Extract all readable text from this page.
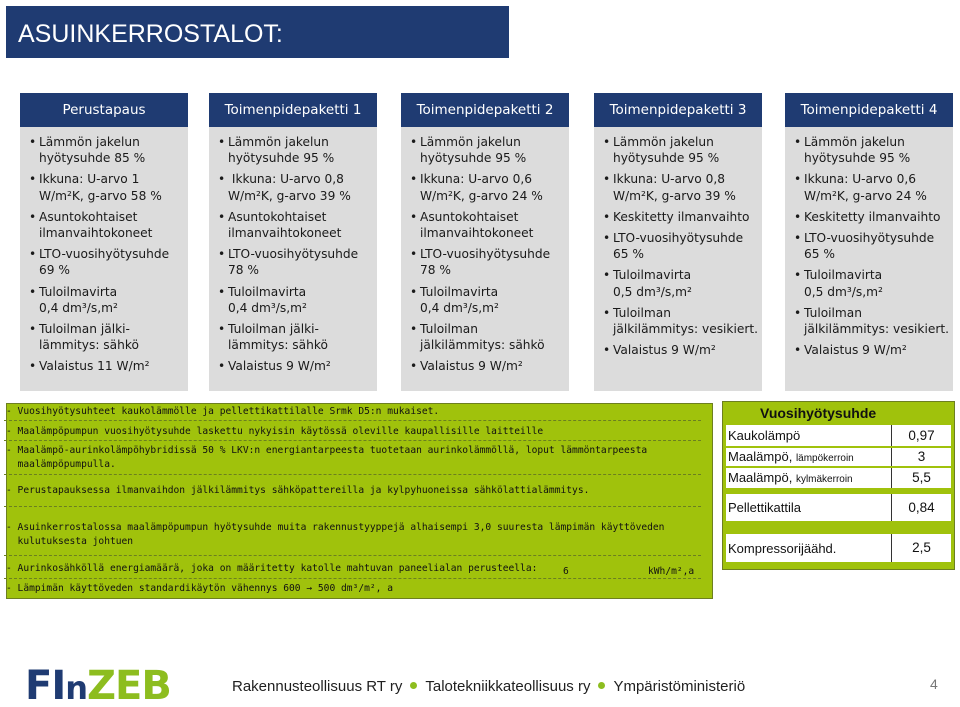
ASUINKERROSTALOT:
Perustapaus
• Lämmön jakelun
hyötysuhde 85 %
• Ikkuna: U-arvo 1
W/m²K, g-arvo 58 %
• Asuntokohtaiset
ilmanvaihtokoneet
• LTO-vuosihyötysuhde
69 %
• Tuloilmavirta
0,4 dm³/s,m²
• Tuloilman jälki-
lämmitys: sähkö
• Valaistus 11 W/m²
Toimenpidepaketti 1
• Lämmön jakelun
hyötysuhde 95 %
•  Ikkuna: U-arvo 0,8
W/m²K, g-arvo 39 %
• Asuntokohtaiset
ilmanvaihtokoneet
• LTO-vuosihyötysuhde
78 %
• Tuloilmavirta
0,4 dm³/s,m²
• Tuloilman jälki-
lämmitys: sähkö
• Valaistus 9 W/m²
Toimenpidepaketti 2
• Lämmön jakelun
hyötysuhde 95 %
• Ikkuna: U-arvo 0,6
W/m²K, g-arvo 24 %
• Asuntokohtaiset
ilmanvaihtokoneet
• LTO-vuosihyötysuhde
78 %
• Tuloilmavirta
0,4 dm³/s,m²
• Tuloilman
jälkilämmitys: sähkö
• Valaistus 9 W/m²
Toimenpidepaketti 3
• Lämmön jakelun
hyötysuhde 95 %
• Ikkuna: U-arvo 0,8
W/m²K, g-arvo 39 %
• Keskitetty ilmanvaihto
• LTO-vuosihyötysuhde
65 %
• Tuloilmavirta
0,5 dm³/s,m²
• Tuloilman
jälkilämmitys: vesikiert.
• Valaistus 9 W/m²
Toimenpidepaketti 4
• Lämmön jakelun
hyötysuhde 95 %
• Ikkuna: U-arvo 0,6
W/m²K, g-arvo 24 %
• Keskitetty ilmanvaihto
• LTO-vuosihyötysuhde
65 %
• Tuloilmavirta
0,5 dm³/s,m²
• Tuloilman
jälkilämmitys: vesikiert.
• Valaistus 9 W/m²
- Vuosihyötysuhteet kaukolämmölle ja pellettikattilalle Srmk D5:n mukaiset.
- Maalämpöpumpun vuosihyötysuhde laskettu nykyisin käytössä oleville kaupallisille laitteille
- Maalämpö-aurinkolämpöhybridissä 50 % LKV:n energiantarpeesta tuotetaan aurinkolämmöllä, loput lämmöntarpeesta
maalämpöpumpulla.
- Perustapauksessa ilmanvaihdon jälkilämmitys sähköpattereilla ja kylpyhuoneissa sähkölattialämmitys.
- Asuinkerrostalossa maalämpöpumpun hyötysuhde muita rakennustyyppejä alhaisempi 3,0 suuresta lämpimän käyttöveden
kulutuksesta johtuen
- Aurinkosähköllä energiamäärä, joka on määritetty katolle mahtuvan paneelialan perusteella:	6	kWh/m²,a
- Lämpimän käyttöveden standardikäytön vähennys 600 → 500 dm³/m², a
Vuosihyötysuhde
Kaukolämpö	0,97
Maalämpö, lämpökerroin	3
Maalämpö, kylmäkerroin	5,5
Pellettikattila	0,84
Kompressorijäähd.	2,5
FInZEB	Rakennusteollisuus RT ry Talotekniikkateollisuus ry Ympäristöministeriö	4
